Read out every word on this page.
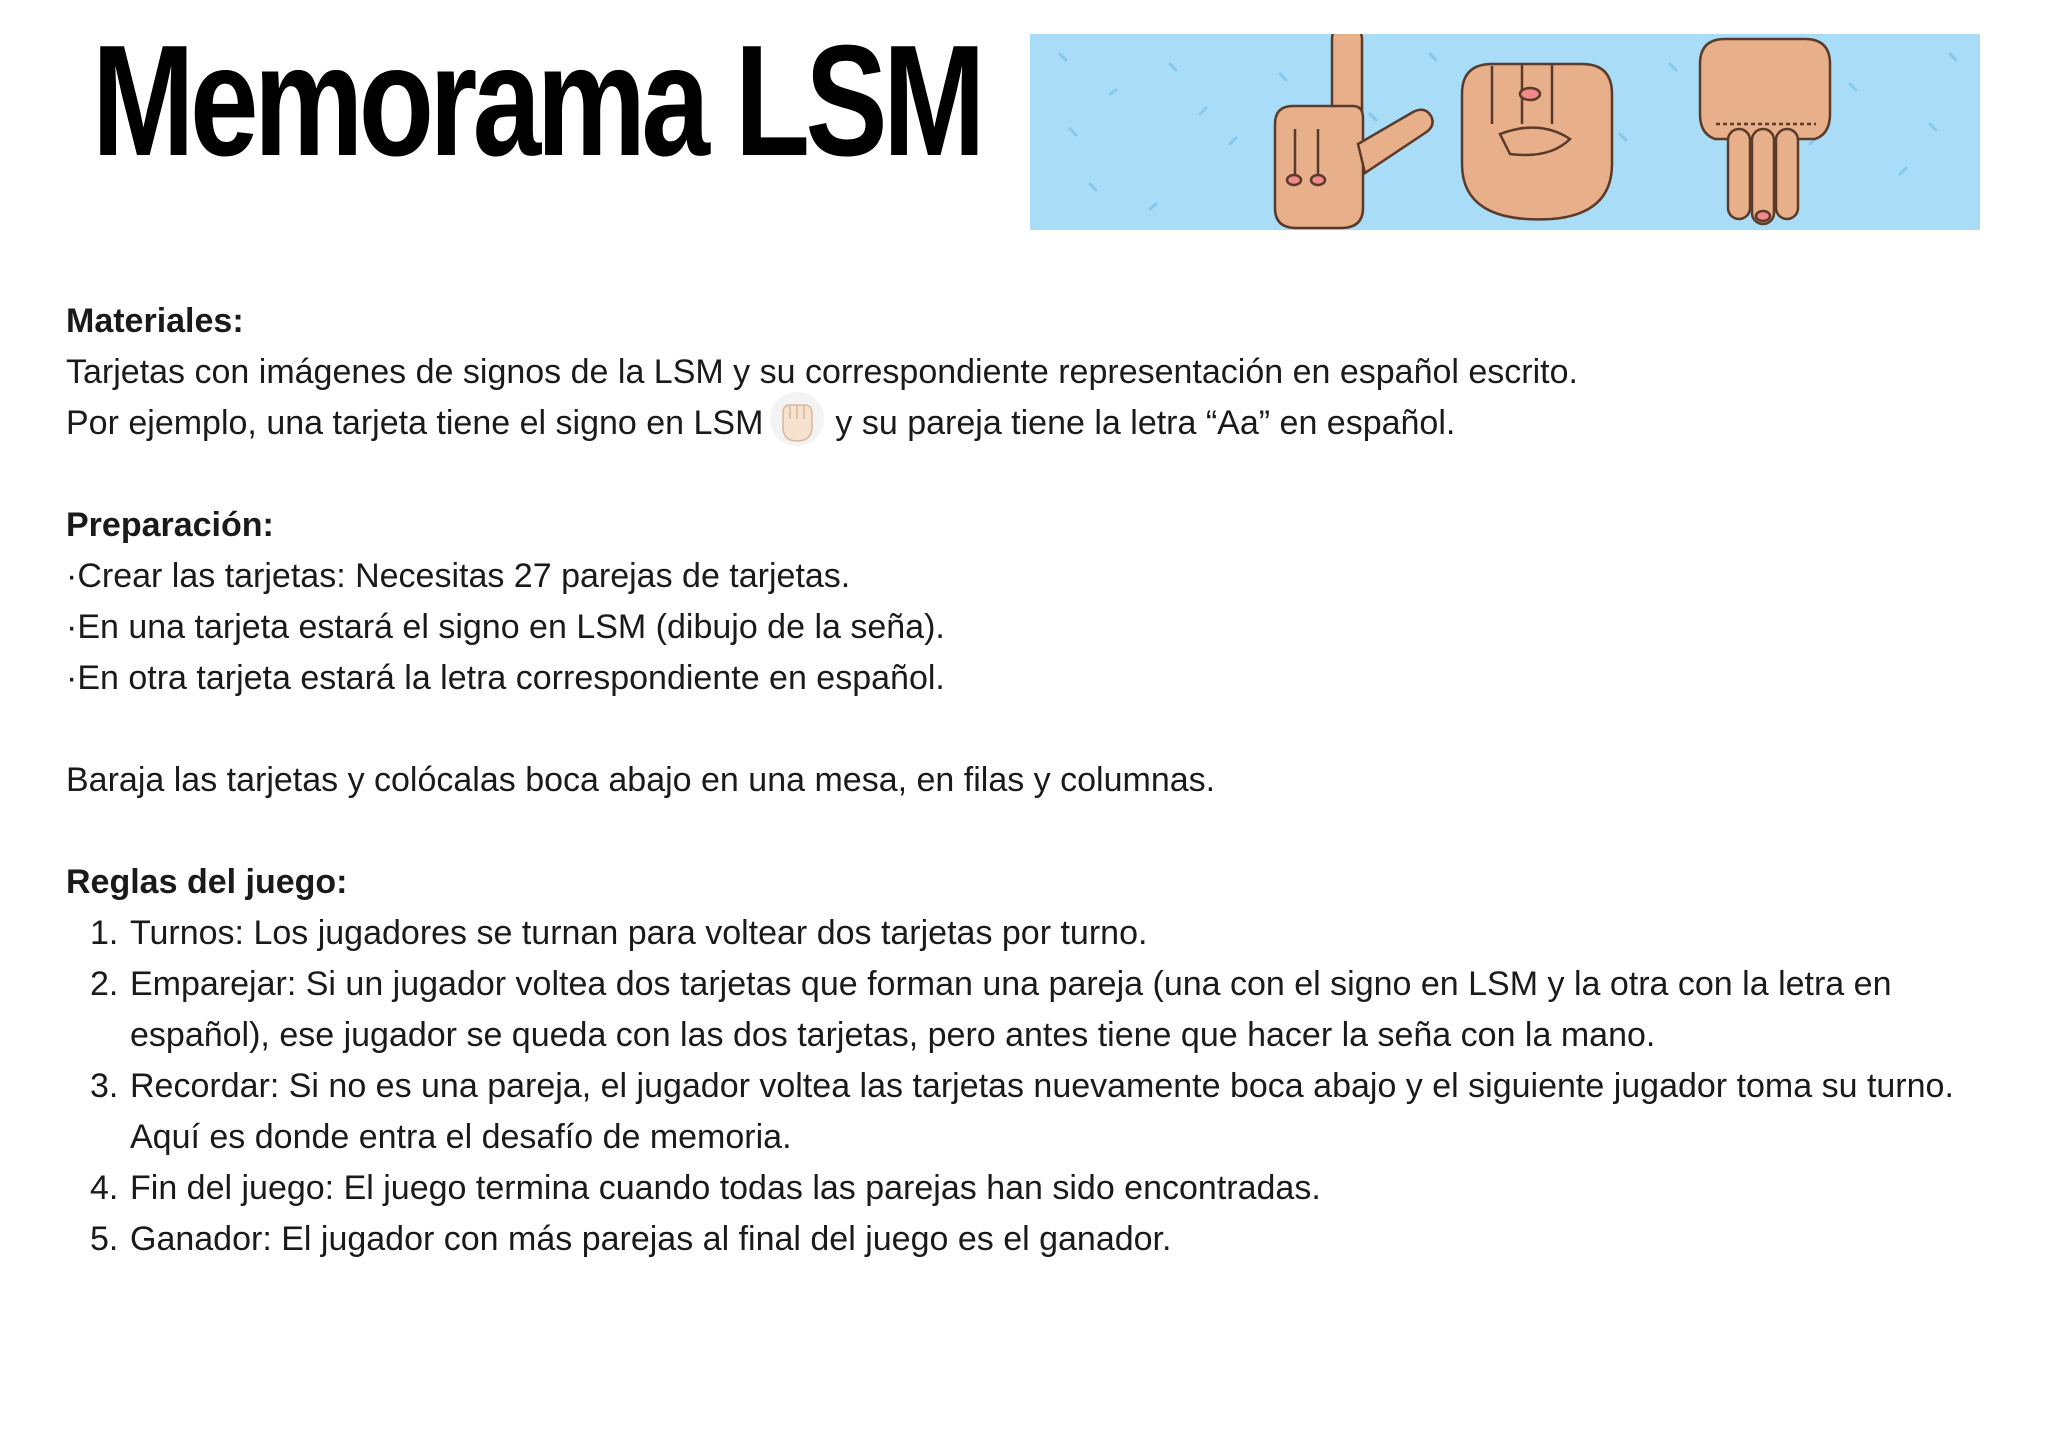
Memorama LSM

Materiales:

Tarjetas con imágenes de signos de la LSM y su correspondiente representación en español escrito.

Por ejemplo, una tarjeta tiene el signo en LSM y su pareja tiene la letra “Aa” en español.

Preparación:

·Crear las tarjetas: Necesitas 27 parejas de tarjetas.

·En una tarjeta estará el signo en LSM (dibujo de la seña).

·En otra tarjeta estará la letra correspondiente en español.

Baraja las tarjetas y colócalas boca abajo en una mesa, en filas y columnas.

Reglas del juego:

1. Turnos: Los jugadores se turnan para voltear dos tarjetas por turno.
2. Emparejar: Si un jugador voltea dos tarjetas que forman una pareja (una con el signo en LSM y la otra con la letra en español), ese jugador se queda con las dos tarjetas, pero antes tiene que hacer la seña con la mano.
3. Recordar: Si no es una pareja, el jugador voltea las tarjetas nuevamente boca abajo y el siguiente jugador toma su turno. Aquí es donde entra el desafío de memoria.
4. Fin del juego: El juego termina cuando todas las parejas han sido encontradas.
5. Ganador: El jugador con más parejas al final del juego es el ganador.
